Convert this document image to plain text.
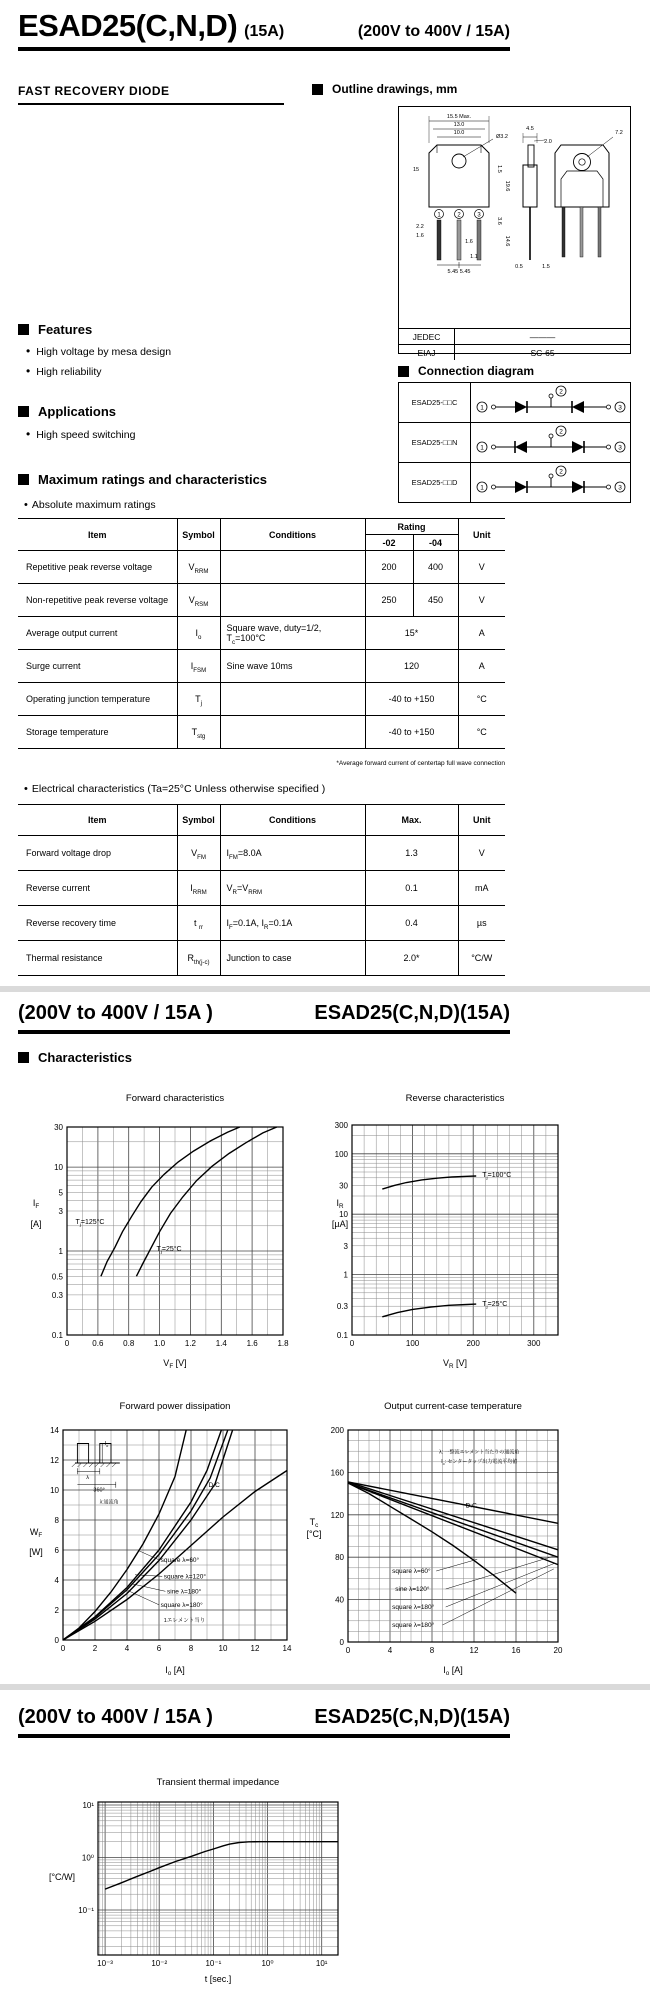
ESAD25(C,N,D) (15A)	(200V to 400V / 15A)
FAST RECOVERY DIODE	Outline drawings, mm
1	2	3
15.5 Max.
13.0
10.0
Ø3.2
15
4.5
2.0
7.2
1.5
19.6
3.6
14.6
2.2
1.6
1.6
1.1
5.45 5.45
0.5	1.5
JEDEC	———
EIAJ	SC-65
Features
• High voltage by mesa design
• High reliability
Applications
• High speed switching
Connection diagram
ESAD25-□□C
1	3
2
ESAD25-□□N
1	3
2
ESAD25-□□D
1	3
2
Maximum ratings and characteristics
• Absolute maximum ratings
Item	Symbol	Conditions	Rating		Unit
			-02	-04	
Repetitive peak reverse voltage	$V_{RRM}$		200	400	V
Non-repetitive peak reverse voltage	$V_{RSM}$		250	450	V
Average output current	$I_o$	Square wave, duty=1/2, $T_c=100^\circ C$	15*		A
Surge current	$I_{FSM}$	Sine wave 10ms	120		A
Operating junction temperature	$T_j$		-40 to +150		°C
Storage temperature	$T_{stg}$		-40 to +150		°C
*Average forward current of centertap full wave connection
• Electrical characteristics (Ta=25°C Unless otherwise specified )
Item	Symbol	Conditions	Max.	Unit
Forward voltage drop	$V_{FM}$	$I_{FM}=8.0A$	1.3	V
Reverse current	$I_{RRM}$	$V_R=V_{RRM}$	0.1	mA
Reverse recovery time	t $_{rr}$	$I_F=0.1A$, $I_R=0.1A$	0.4	µs
Thermal resistance	$R_{th(j-c)}$	Junction to case	2.0*	°C/W
(200V to 400V / 15A )	ESAD25(C,N,D)(15A)
Characteristics
0	0.6 0.8 1.0 1.2 1.4 1.6 1.8
0.1
0.3
0.5
1
3
5
10
30
Forward characteristics
$V_F$ [V]
$I_F$
[A]	$T_j=125^\circ C$
$T_j=25^\circ C$
0	100	200	300
0.1
0.3
1
3
10
30
100
300
Reverse characteristics
$V_R$ [V]
$I_R$
[µA]
$T_j=100^\circ C$
$T_j=25^\circ C$
0	2	4	6	8	10	12	14
0
2
4
6
8
10
12
14
Forward power dissipation
$I_o$ [A]
$W_F$
[W]
square λ=60°
square λ=120°
sine λ=180°
square λ=180°
1エレメント当り
D.C
$I_o$
λ
360°
λ:通流角
0	4	8	12	16	20
0
40
80
120
160
200
Output current-case temperature
$I_o$ [A]
$T_c$
[°C]
λ: 一整流エレメント当たりの通流角
$I_o$: センタータップ出力電流平均値
D.C
square λ=60°
sine λ=120°
square λ=180°
square λ=180°
(200V to 400V / 15A )	ESAD25(C,N,D)(15A)
10⁻³	10⁻²	10⁻¹	10⁰	10¹
10¹
10⁰
10⁻¹
Transient thermal impedance
t [sec.]
[°C/W]
